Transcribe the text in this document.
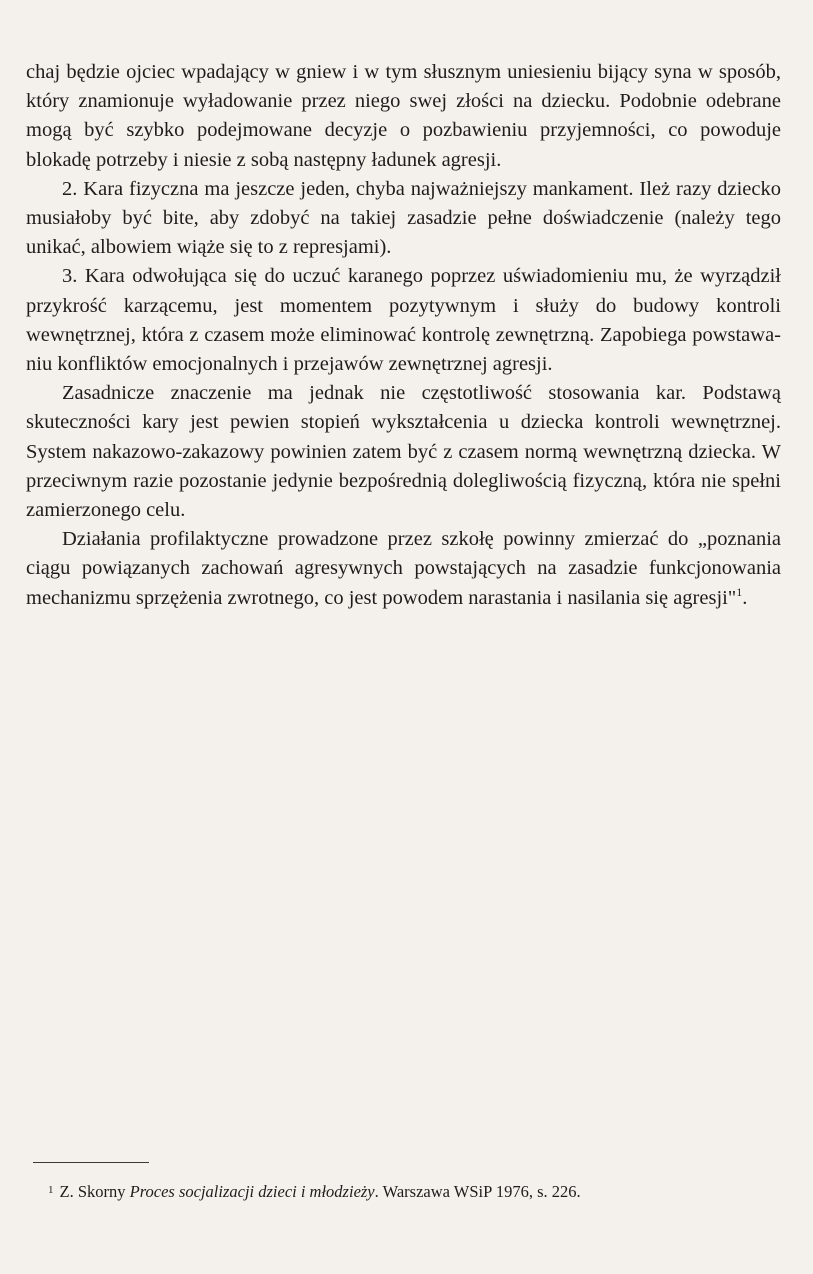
chaj będzie ojciec wpadający w gniew i w tym słusznym uniesieniu bijący syna w sposób, który znamionuje wyładowanie przez niego swej złości na dziecku. Podobnie odebrane mogą być szybko podejmowane decyzje o pozbawieniu przyjemności, co powoduje blokadę potrzeby i niesie z sobą następny ładunek agresji.

2. Kara fizyczna ma jeszcze jeden, chyba najważniejszy mankament. Ileż razy dziecko musiałoby być bite, aby zdobyć na takiej zasadzie pełne doświadczenie (należy tego unikać, albowiem wiąże się to z represjami).

3. Kara odwołująca się do uczuć karanego poprzez uświadomieniu mu, że wyrządził przykrość karzącemu, jest momentem pozytywnym i służy do budowy kontroli wewnętrznej, która z czasem może eliminować kontrolę zewnętrzną. Zapobiega powstawaniu konfliktów emocjonalnych i przejawów zewnętrznej agresji.

Zasadnicze znaczenie ma jednak nie częstotliwość stosowania kar. Podstawą skuteczności kary jest pewien stopień wykształcenia u dziecka kontroli wewnętrznej. System nakazowo-zakazowy powinien zatem być z czasem normą wewnętrzną dziecka. W przeciwnym razie pozostanie jedynie bezpośrednią dolegliwością fizyczną, która nie spełni zamierzonego celu.

Działania profilaktyczne prowadzone przez szkołę powinny zmierzać do „poznania ciągu powiązanych zachowań agresywnych powstających na zasadzie funkcjonowania mechanizmu sprzężenia zwrotnego, co jest powodem narastania i nasilania się agresji"$^1$.

$^1$ Z. Skorny Proces socjalizacji dzieci i młodzieży. Warszawa WSiP 1976, s. 226.
